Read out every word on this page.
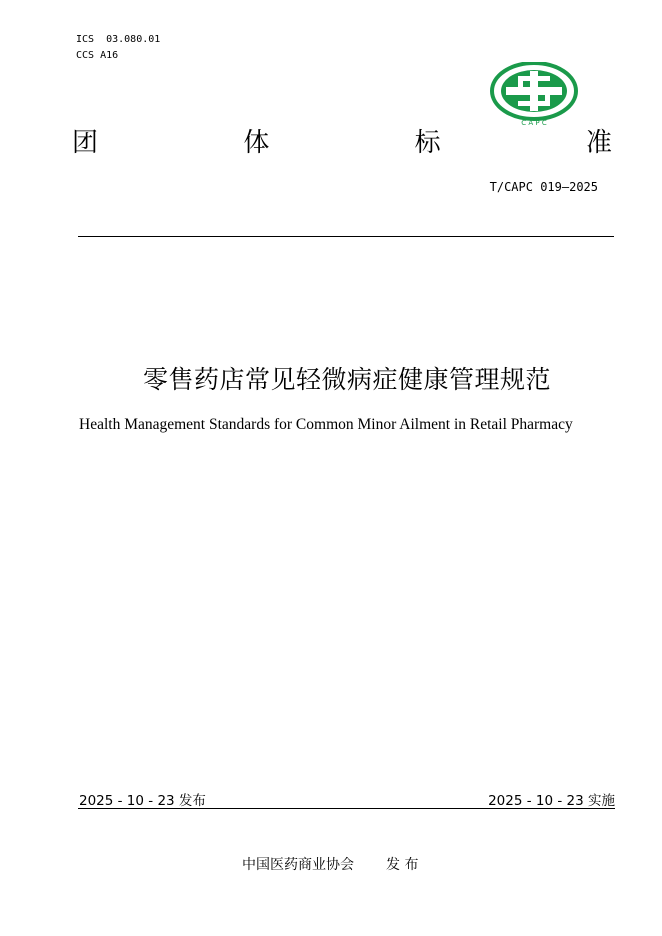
ICS  03.080.01
CCS A16
C A P C
团	体	标	准
T/CAPC 019—2025
零售药店常见轻微病症健康管理规范
Health Management Standards for Common Minor Ailment in Retail Pharmacy
2025 - 10 - 23 发布	2025 - 10 - 23 实施
中国医药商业协会 发 布
